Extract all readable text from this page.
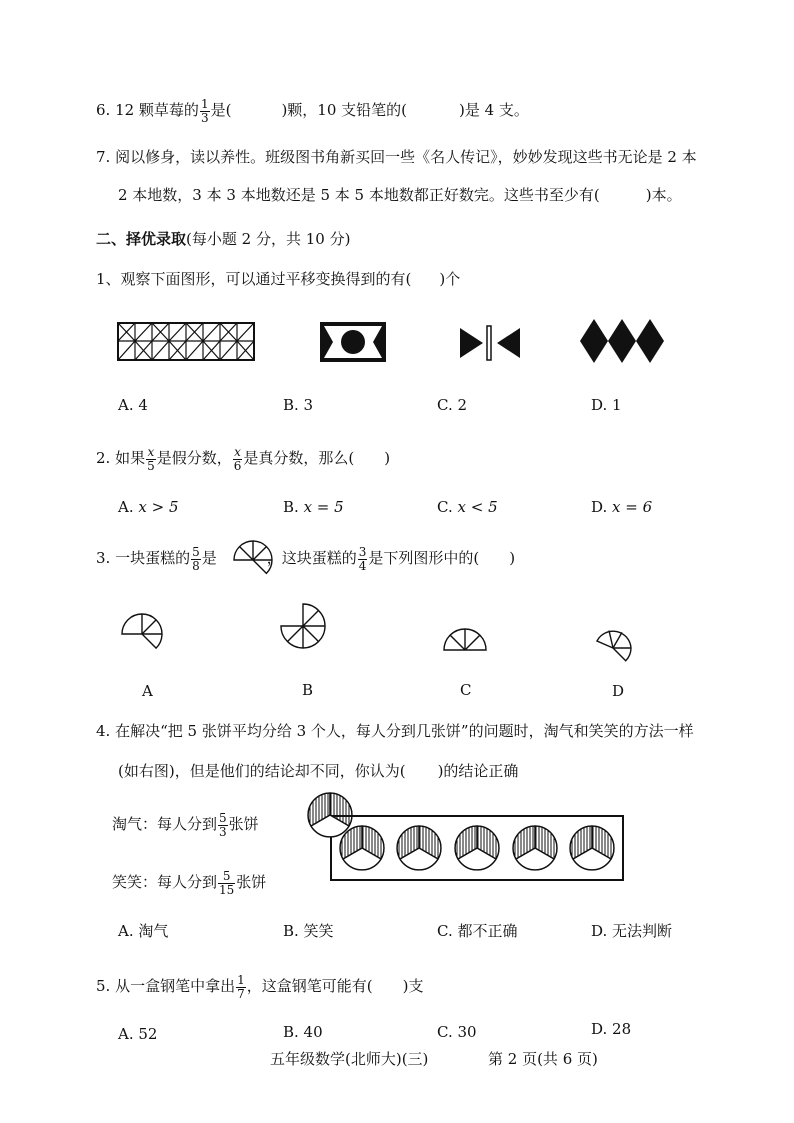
6. 12 颗草莓的 $\frac{1}{3}$ 是(	)颗，10 支铅笔的(	)是 4 支。
7. 阅以修身，读以养性。班级图书角新买回一些《名人传记》，妙妙发现这些书无论是 2 本
2 本地数，3 本 3 本地数还是 5 本 5 本地数都正好数完。这些书至少有(	)本。
二、择优录取(每小题 2 分，共 10 分)
1、观察下面图形，可以通过平移变换得到的有( )个
A. 4	B. 3	C. 2	D. 1
2. 如果 $\frac{x}{5}$ 是假分数， $\frac{x}{6}$ 是真分数，那么( )
A. x > 5	B. x = 5	C. x < 5	D. x = 6
3. 一块蛋糕的 $\frac{5}{8}$ 是	，这块蛋糕的 $\frac{3}{4}$ 是下列图形中的( )
A	B	C	D
4. 在解决“把 5 张饼平均分给 3 个人，每人分到几张饼”的问题时，淘气和笑笑的方法一样
(如右图)，但是他们的结论却不同，你认为( )的结论正确
淘气：每人分到 $\frac{5}{3}$ 张饼
笑笑：每人分到 $\frac{5}{15}$ 张饼
A. 淘气	B. 笑笑	C. 都不正确	D. 无法判断
5. 从一盒钢笔中拿出 $\frac{1}{7}$ ，这盒钢笔可能有( )支
A. 52	B. 40	C. 30	D. 28
五年级数学(北师大)(三)	第 2 页(共 6 页)
